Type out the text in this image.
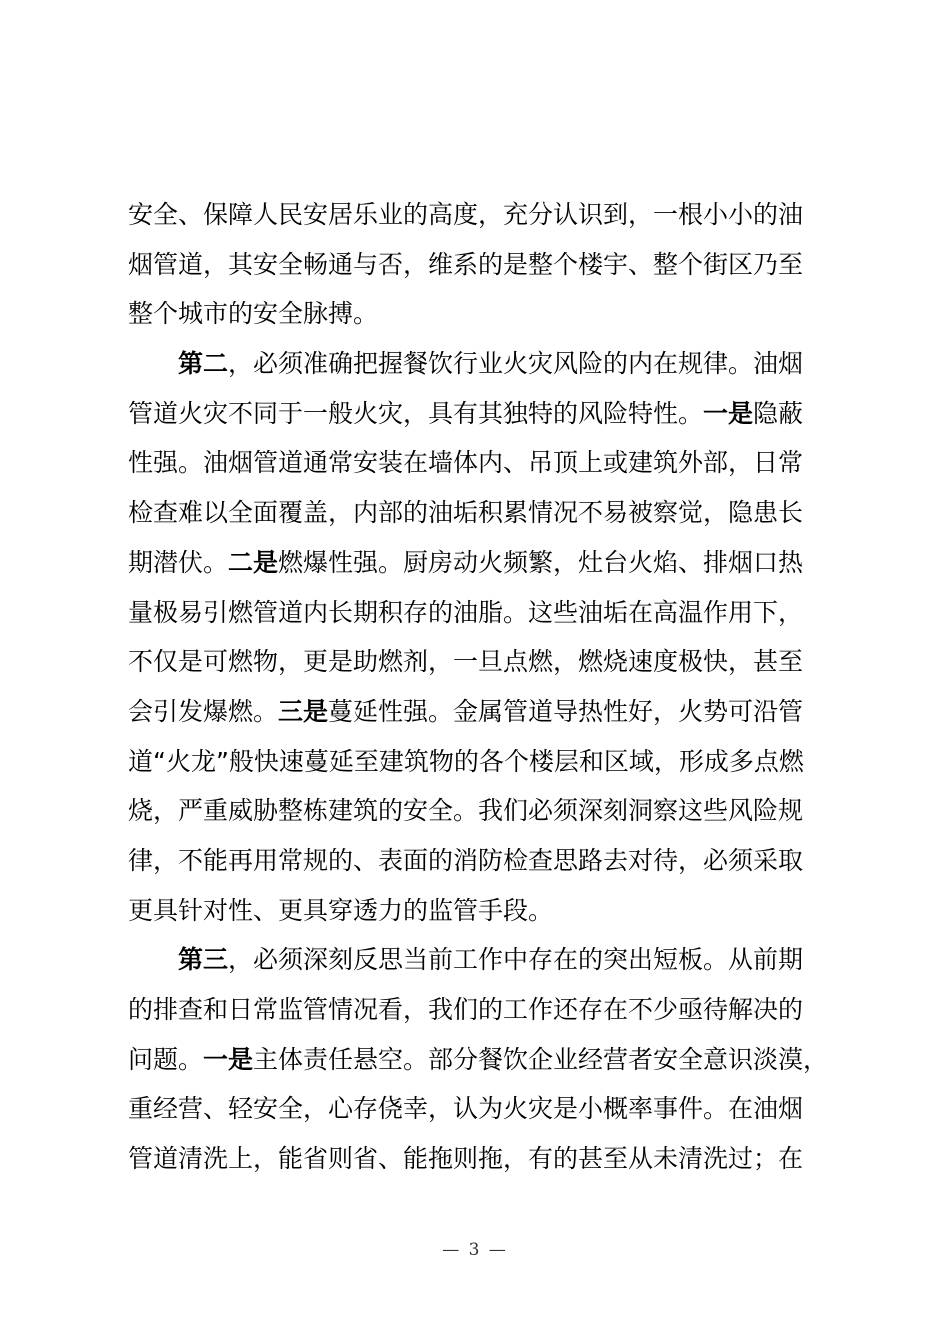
安全、保障人民安居乐业的高度，充分认识到，一根小小的油
烟管道，其安全畅通与否，维系的是整个楼宇、整个街区乃至
整个城市的安全脉搏。
第二，必须准确把握餐饮行业火灾风险的内在规律。油烟
管道火灾不同于一般火灾，具有其独特的风险特性。一是隐蔽
性强。油烟管道通常安装在墙体内、吊顶上或建筑外部，日常
检查难以全面覆盖，内部的油垢积累情况不易被察觉，隐患长
期潜伏。二是燃爆性强。厨房动火频繁，灶台火焰、排烟口热
量极易引燃管道内长期积存的油脂。这些油垢在高温作用下，
不仅是可燃物，更是助燃剂，一旦点燃，燃烧速度极快，甚至
会引发爆燃。三是蔓延性强。金属管道导热性好，火势可沿管
道“火龙”般快速蔓延至建筑物的各个楼层和区域，形成多点燃
烧，严重威胁整栋建筑的安全。我们必须深刻洞察这些风险规
律，不能再用常规的、表面的消防检查思路去对待，必须采取
更具针对性、更具穿透力的监管手段。
第三，必须深刻反思当前工作中存在的突出短板。从前期
的排查和日常监管情况看，我们的工作还存在不少亟待解决的
问题。一是主体责任悬空。部分餐饮企业经营者安全意识淡漠，
重经营、轻安全，心存侥幸，认为火灾是小概率事件。在油烟
管道清洗上，能省则省、能拖则拖，有的甚至从未清洗过；在
— 3 —
